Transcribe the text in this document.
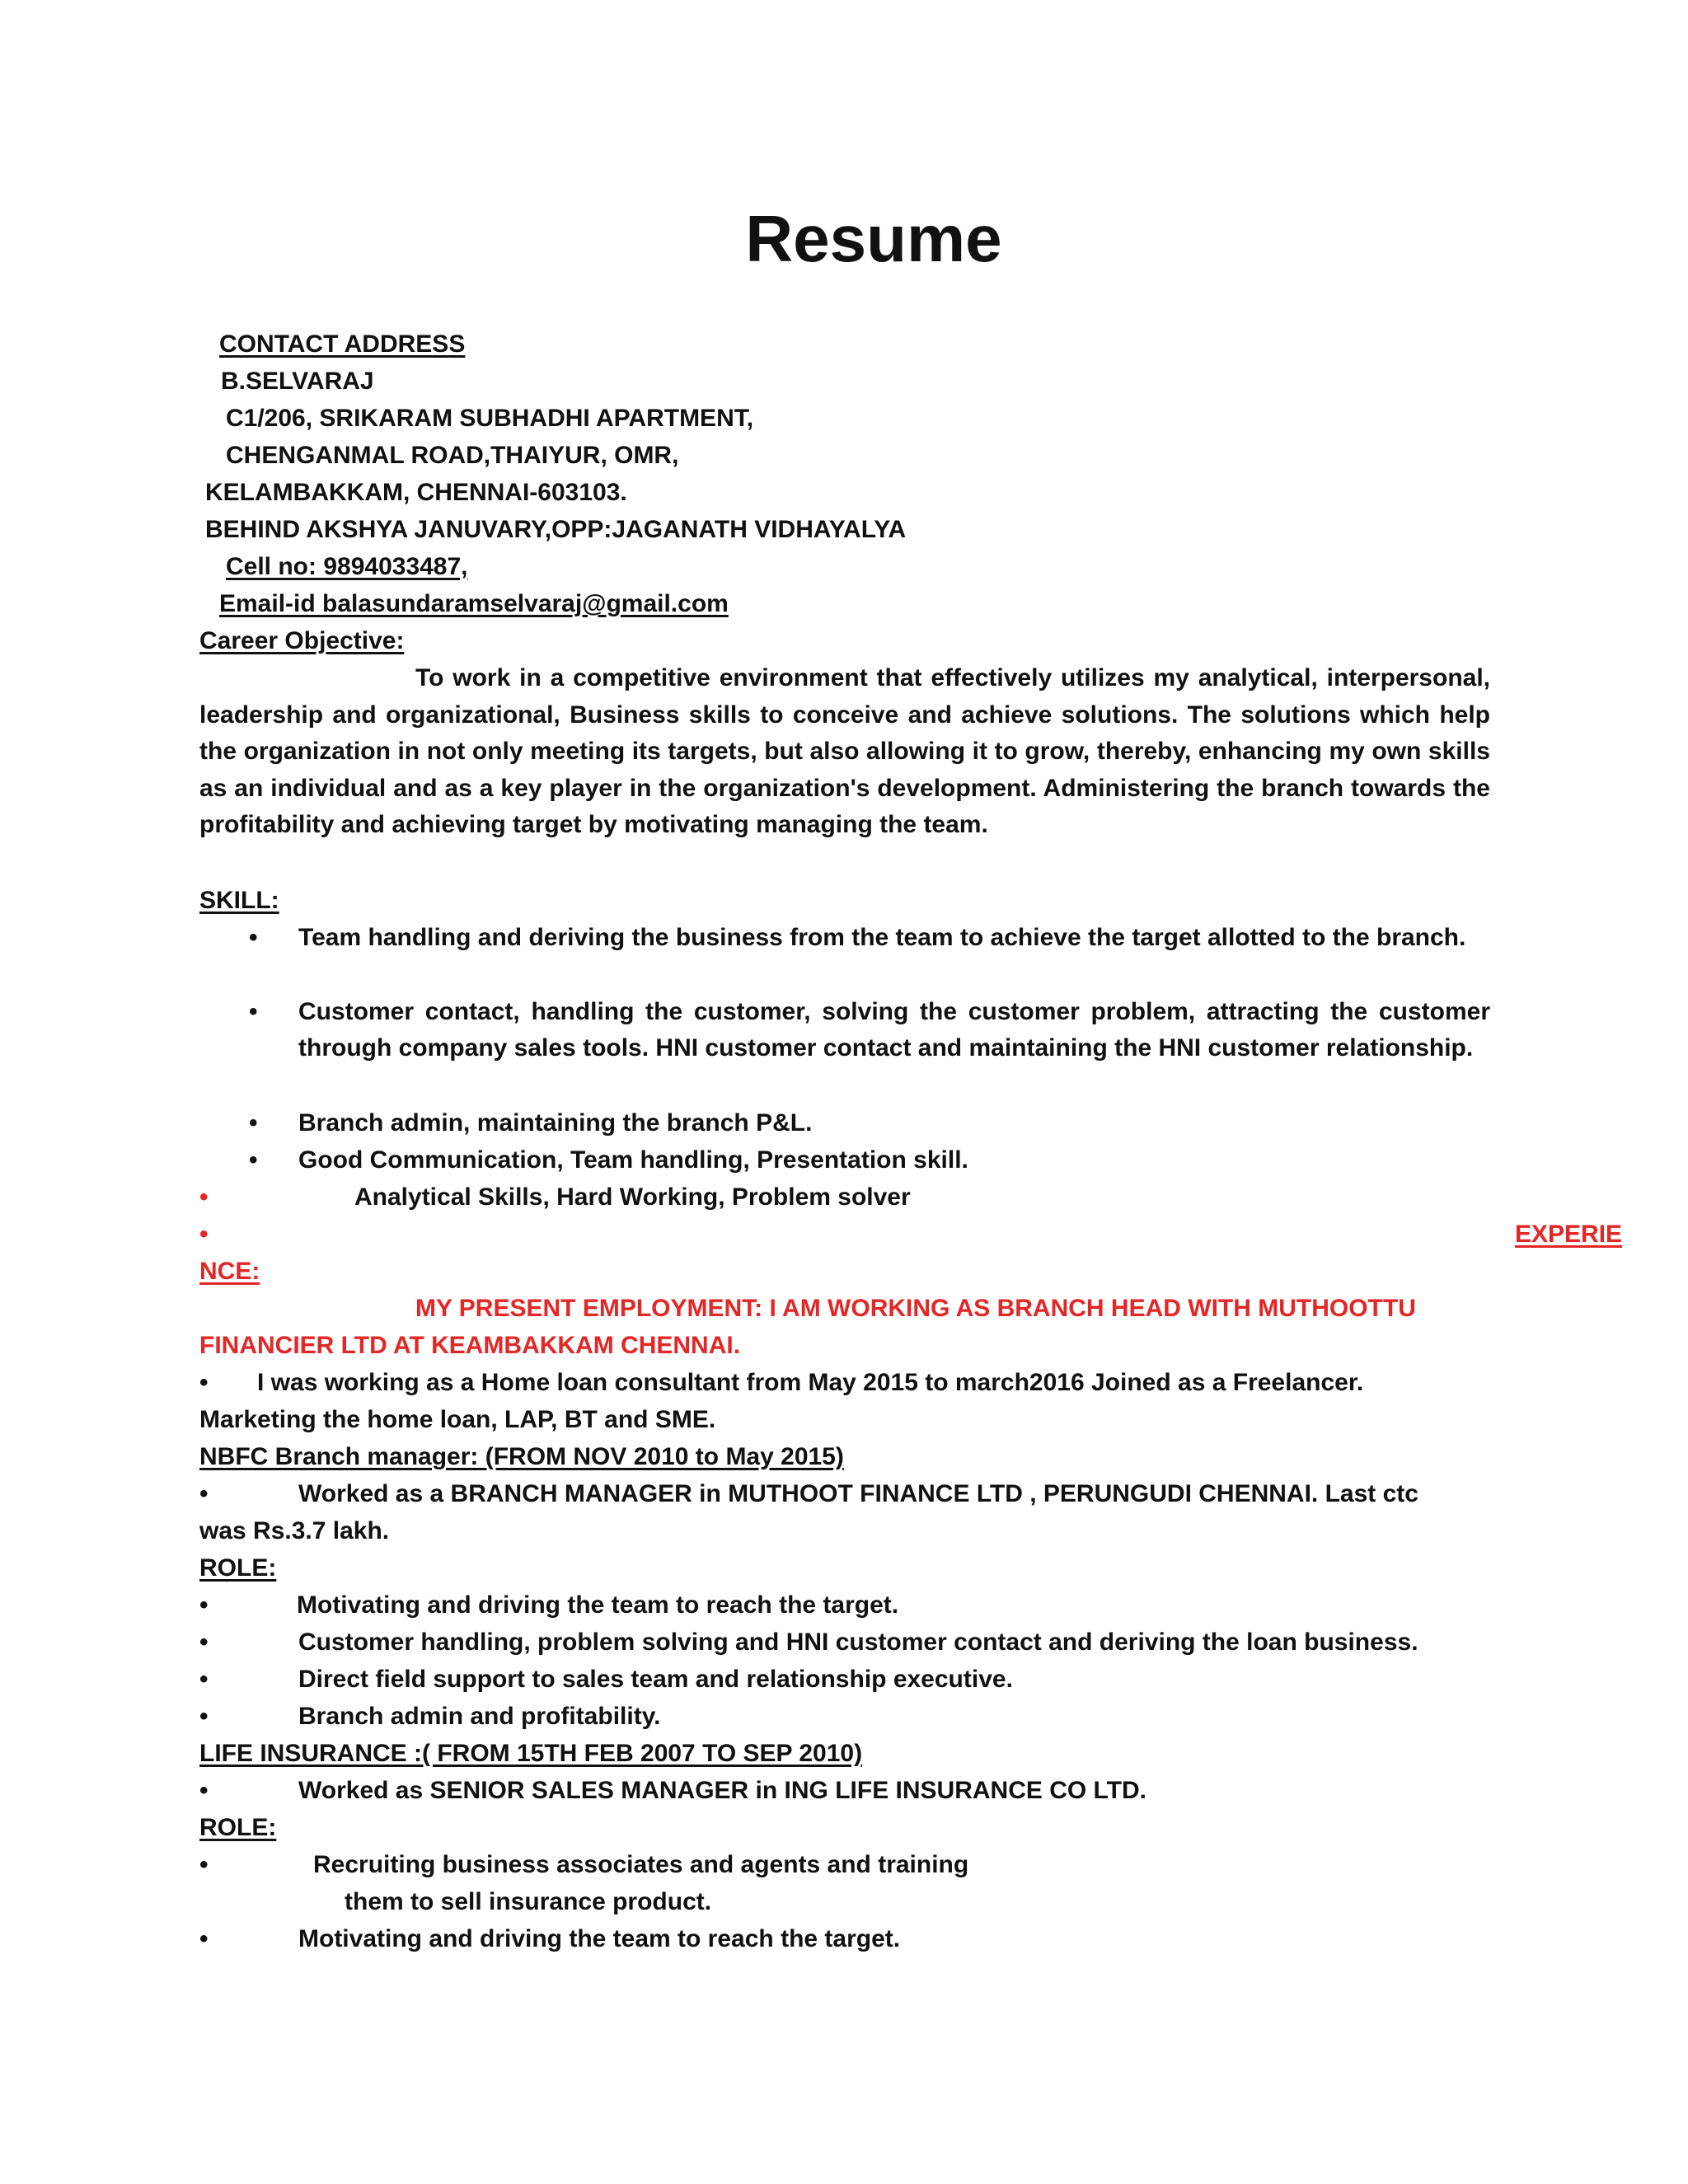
Resume
CONTACT ADDRESS
B.SELVARAJ
C1/206, SRIKARAM SUBHADHI APARTMENT,
CHENGANMAL ROAD,THAIYUR, OMR,
KELAMBAKKAM, CHENNAI-603103.
BEHIND AKSHYA JANUVARY,OPP:JAGANATH VIDHAYALYA
Cell no: 9894033487,
Email-id balasundaramselvaraj@gmail.com
Career Objective:
To work in a competitive environment that effectively utilizes my analytical, interpersonal, leadership and organizational, Business skills to conceive and achieve solutions. The solutions which help the organization in not only meeting its targets, but also allowing it to grow, thereby, enhancing my own skills as an individual and as a key player in the organization's development. Administering the branch towards the profitability and achieving target by motivating managing the team.
SKILL:
• Team handling and deriving the business from the team to achieve the target allotted to the branch.
• Customer contact, handling the customer, solving the customer problem, attracting the customer through company sales tools. HNI customer contact and maintaining the HNI customer relationship.
• Branch admin, maintaining the branch P&L.
• Good Communication, Team handling, Presentation skill.
•	Analytical Skills, Hard Working, Problem solver
•	EXPERIE
NCE:
MY PRESENT EMPLOYMENT: I AM WORKING AS BRANCH HEAD WITH MUTHOOTTU
FINANCIER LTD AT KEAMBAKKAM CHENNAI.
• I was working as a Home loan consultant from May 2015 to march2016 Joined as a Freelancer.
Marketing the home loan, LAP, BT and SME.
NBFC Branch manager: (FROM NOV 2010 to May 2015)
•	Worked as a BRANCH MANAGER in MUTHOOT FINANCE LTD , PERUNGUDI CHENNAI. Last ctc
was Rs.3.7 lakh.
ROLE:
•	Motivating and driving the team to reach the target.
•	Customer handling, problem solving and HNI customer contact and deriving the loan business.
•	Direct field support to sales team and relationship executive.
•	Branch admin and profitability.
LIFE INSURANCE :( FROM 15TH FEB 2007 TO SEP 2010)
•	Worked as SENIOR SALES MANAGER in ING LIFE INSURANCE CO LTD.
ROLE:
•	Recruiting business associates and agents and training
them to sell insurance product.
•	Motivating and driving the team to reach the target.
